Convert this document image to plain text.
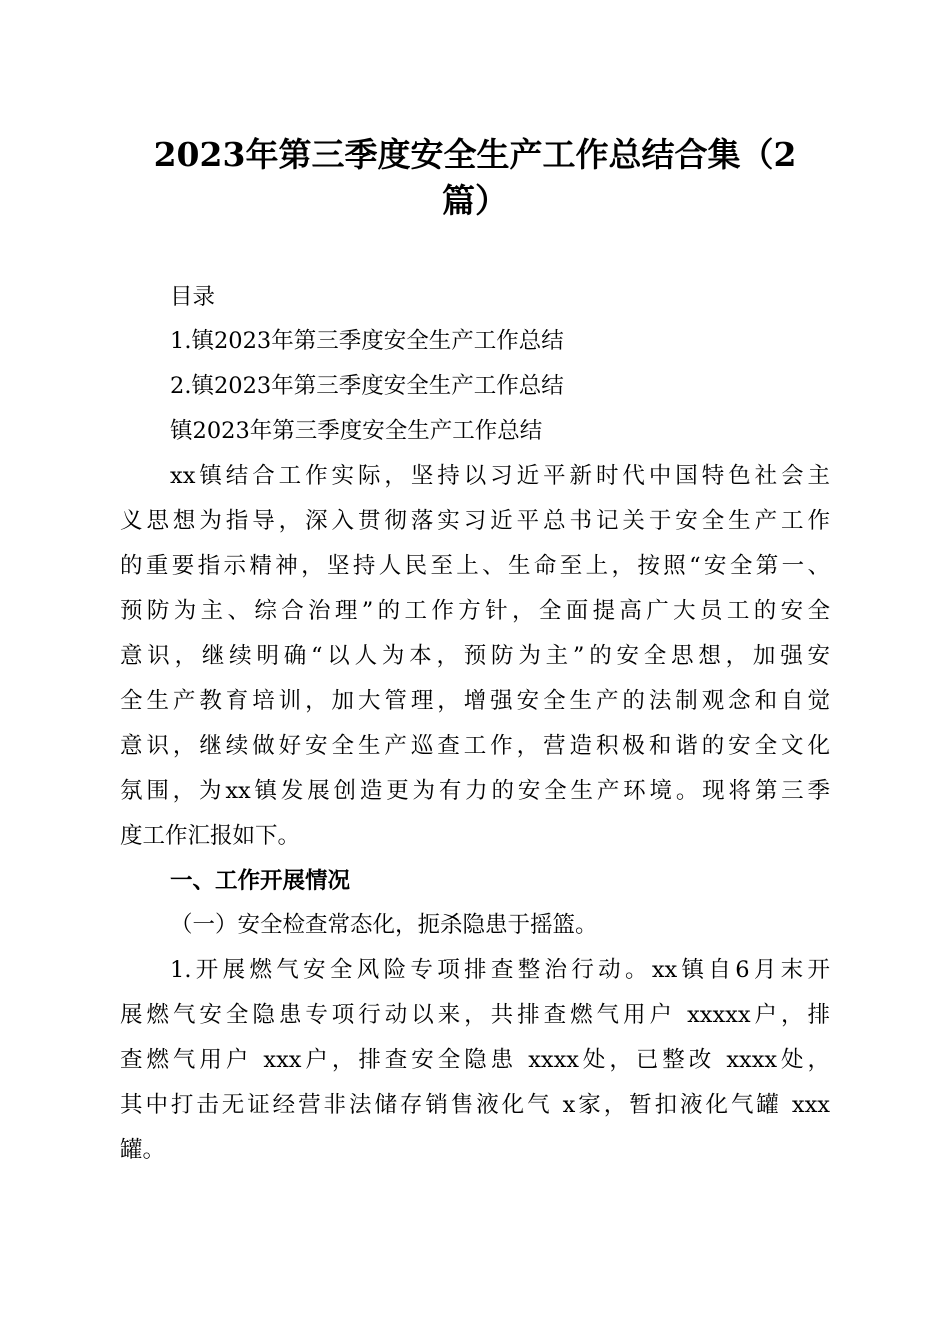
2023年第三季度安全生产工作总结合集（2
篇）
目录
1.镇2023年第三季度安全生产工作总结
2.镇2023年第三季度安全生产工作总结
镇2023年第三季度安全生产工作总结
xx镇结合工作实际，坚持以习近平新时代中国特色社会主
义思想为指导，深入贯彻落实习近平总书记关于安全生产工作
的重要指示精神，坚持人民至上、生命至上，按照“安全第一、
预防为主、综合治理”的工作方针，全面提高广大员工的安全
意识，继续明确“以人为本，预防为主”的安全思想，加强安
全生产教育培训，加大管理，增强安全生产的法制观念和自觉
意识，继续做好安全生产巡查工作，营造积极和谐的安全文化
氛围，为xx镇发展创造更为有力的安全生产环境。现将第三季
度工作汇报如下。
一、工作开展情况
（一）安全检查常态化，扼杀隐患于摇篮。
1.开展燃气安全风险专项排查整治行动。xx镇自6月末开
展燃气安全隐患专项行动以来，共排查燃气用户 xxxxx户，排
查燃气用户 xxx户，排查安全隐患 xxxx处，已整改 xxxx处，
其中打击无证经营非法储存销售液化气 x家，暂扣液化气罐 xxx
罐。
